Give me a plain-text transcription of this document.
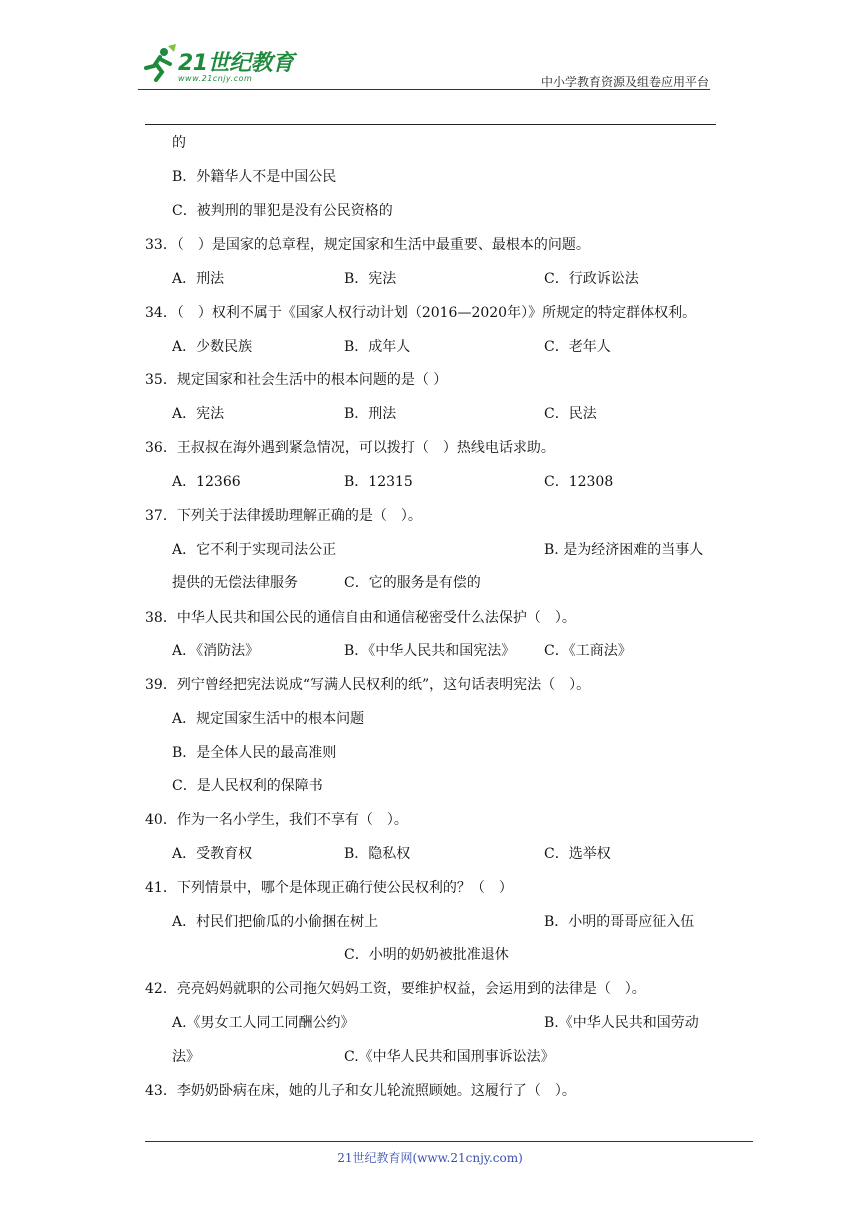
21世纪教育
www.21cnjy.com	中小学教育资源及组卷应用平台
的
B．外籍华人不是中国公民
C．被判刑的罪犯是没有公民资格的
33．（　）是国家的总章程，规定国家和生活中最重要、最根本的问题。
A．刑法	B．宪法	C．行政诉讼法
34．（　）权利不属于《国家人权行动计划（2016—2020年）》所规定的特定群体权利。
A．少数民族	B．成年人	C．老年人
35．规定国家和社会生活中的根本问题的是（ ）
A．宪法	B．刑法	C．民法
36．王叔叔在海外遇到紧急情况，可以拨打（　）热线电话求助。
A．12366	B．12315	C．12308
37．下列关于法律援助理解正确的是（　）。
A．它不利于实现司法公正	B. 是为经济困难的当事人
提供的无偿法律服务	C．它的服务是有偿的
38．中华人民共和国公民的通信自由和通信秘密受什么法保护（　）。
A．《消防法》	B．《中华人民共和国宪法》 C．《工商法》
39．列宁曾经把宪法说成“写满人民权利的纸”，这句话表明宪法（　）。
A．规定国家生活中的根本问题
B．是全体人民的最高准则
C．是人民权利的保障书
40．作为一名小学生，我们不享有（　）。
A．受教育权	B．隐私权	C．选举权
41．下列情景中，哪个是体现正确行使公民权利的？（　）
A．村民们把偷瓜的小偷捆在树上	B．小明的哥哥应征入伍
C．小明的奶奶被批准退休
42．亮亮妈妈就职的公司拖欠妈妈工资，要维护权益，会运用到的法律是（　）。
A.《男女工人同工同酬公约》	B.《中华人民共和国劳动
法》	C.《中华人民共和国刑事诉讼法》
43．李奶奶卧病在床，她的儿子和女儿轮流照顾她。这履行了（　）。
21世纪教育网(www.21cnjy.com)
